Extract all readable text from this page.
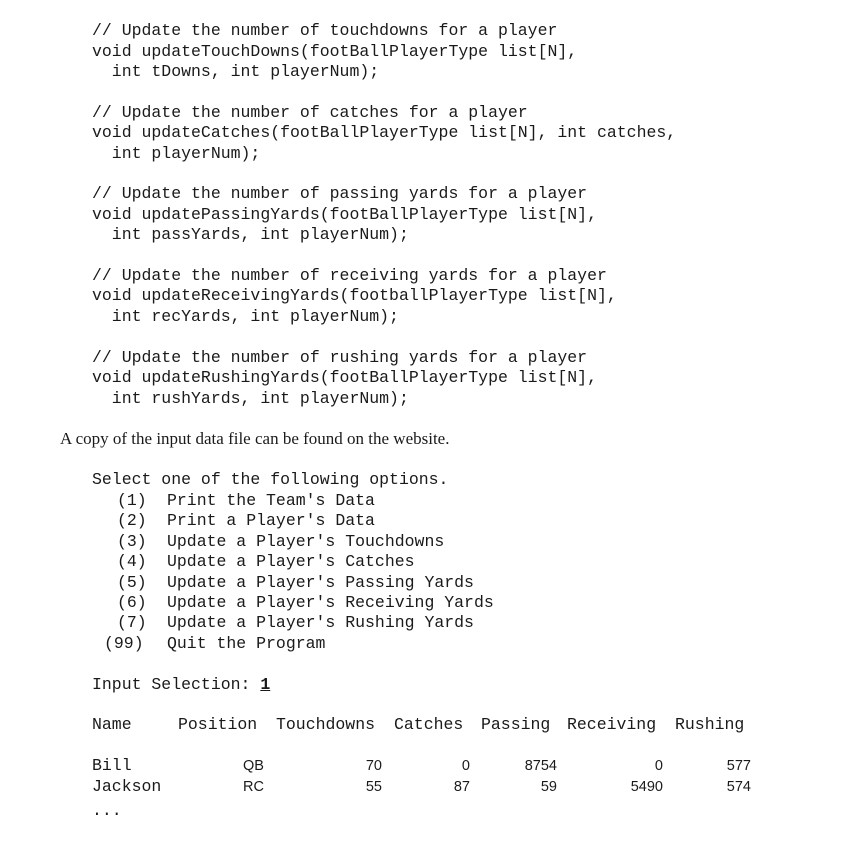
// Update the number of touchdowns for a player
void updateTouchDowns(footBallPlayerType list[N],
int tDowns, int playerNum);
// Update the number of catches for a player
void updateCatches(footBallPlayerType list[N], int catches,
int playerNum);
// Update the number of passing yards for a player
void updatePassingYards(footBallPlayerType list[N],
int passYards, int playerNum);
// Update the number of receiving yards for a player
void updateReceivingYards(footballPlayerType list[N],
int recYards, int playerNum);
// Update the number of rushing yards for a player
void updateRushingYards(footBallPlayerType list[N],
int rushYards, int playerNum);
A copy of the input data file can be found on the website.
Select one of the following options.
(1) Print the Team's Data
(2) Print a Player's Data
(3) Update a Player's Touchdowns
(4) Update a Player's Catches
(5) Update a Player's Passing Yards
(6) Update a Player's Receiving Yards
(7) Update a Player's Rushing Yards
(99) Quit the Program
Input Selection: 1
Name	Position Touchdowns Catches Passing Receiving Rushing
Bill	QB	70	0	8754	0	577
Jackson	RC	55	87	59	5490	574
...
